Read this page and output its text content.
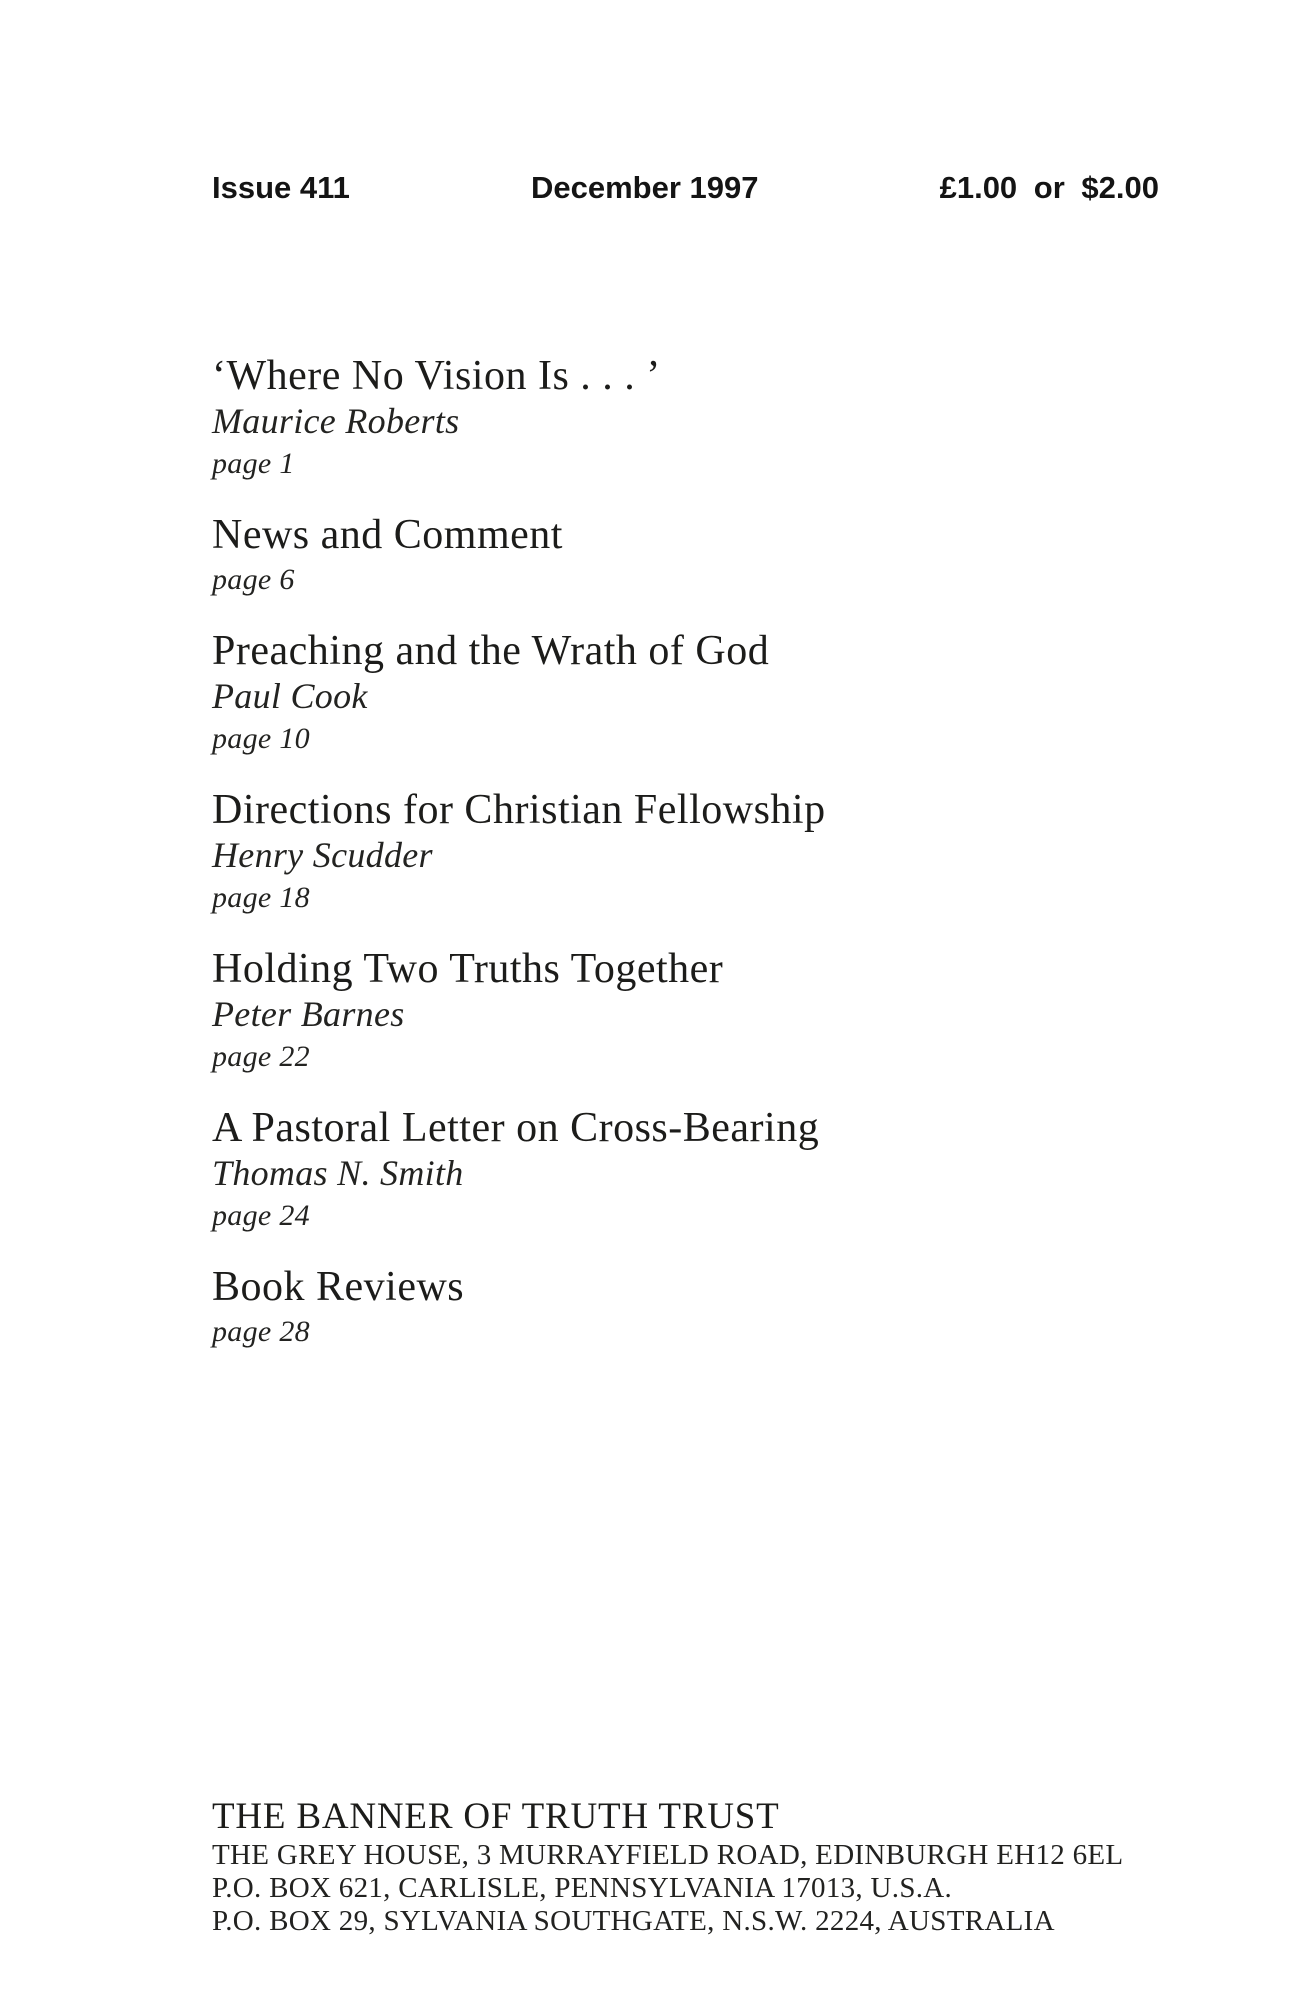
Issue 411	December 1997	£1.00 or $2.00
‘Where No Vision Is . . . ’
Maurice Roberts
page 1
News and Comment
page 6
Preaching and the Wrath of God
Paul Cook
page 10
Directions for Christian Fellowship
Henry Scudder
page 18
Holding Two Truths Together
Peter Barnes
page 22
A Pastoral Letter on Cross-Bearing
Thomas N. Smith
page 24
Book Reviews
page 28
THE BANNER OF TRUTH TRUST
THE GREY HOUSE, 3 MURRAYFIELD ROAD, EDINBURGH EH12 6EL
P.O. BOX 621, CARLISLE, PENNSYLVANIA 17013, U.S.A.
P.O. BOX 29, SYLVANIA SOUTHGATE, N.S.W. 2224, AUSTRALIA
